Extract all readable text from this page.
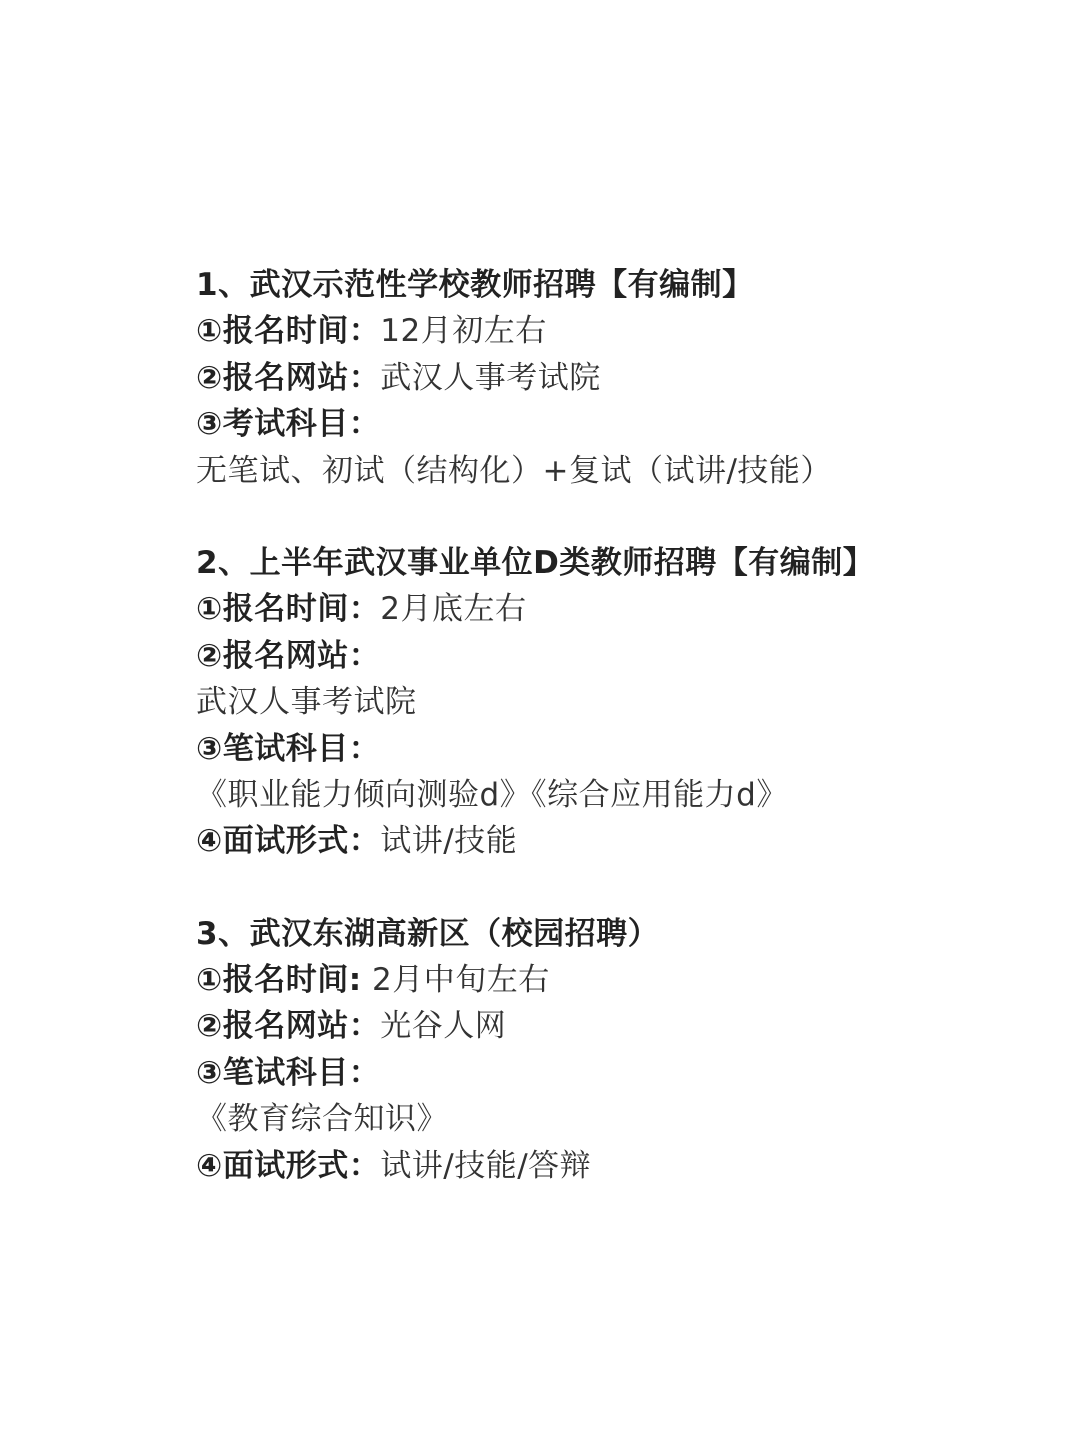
1、武汉示范性学校教师招聘【有编制】
①报名时间：12月初左右
②报名网站：武汉人事考试院
③考试科目：
无笔试、初试（结构化）+复试（试讲/技能）
2、上半年武汉事业单位D类教师招聘【有编制】
①报名时间：2月底左右
②报名网站：
武汉人事考试院
③笔试科目：
《职业能力倾向测验d》《综合应用能力d》
④面试形式：试讲/技能
3、武汉东湖高新区（校园招聘）
①报名时间: 2月中旬左右
②报名网站：光谷人网
③笔试科目：
《教育综合知识》
④面试形式：试讲/技能/答辩
